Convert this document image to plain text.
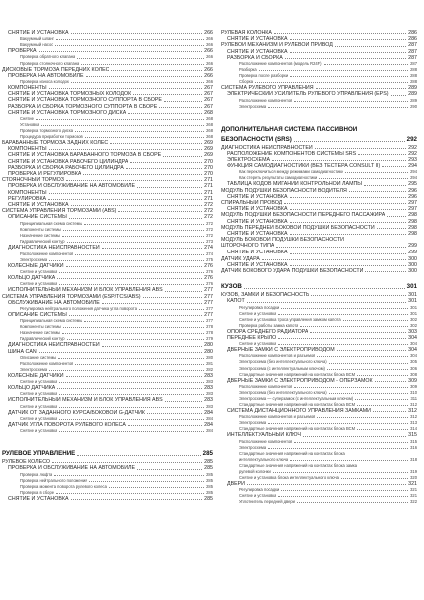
СНЯТИЕ И УСТАНОВКА	266
Вакуумный шланг	266
Вакуумный насос	266
ПРОВЕРКА	266
Проверка обратного клапана	266
Проверка стояночного клапана	266
ДИСКОВЫЕ ТОРМОЗА ПЕРЕДНИХ КОЛЕС	266
ПРОВЕРКА НА АВТОМОБИЛЕ	266
Проверка износа колодок	266
КОМПОНЕНТЫ	267
СНЯТИЕ И УСТАНОВКА ТОРМОЗНЫХ КОЛОДОК	267
СНЯТИЕ И УСТАНОВКА ТОРМОЗНОГО СУППОРТА В СБОРЕ	267
РАЗБОРКА И СБОРКА ТОРМОЗНОГО СУППОРТА В СБОРЕ	267
СНЯТИЕ И УСТАНОВКА ТОРМОЗНОГО ДИСКА	268
Снятие	268
Установка	268
Проверка тормозного диска	268
Процедура приработки тормозов	268
БАРАБАННЫЕ ТОРМОЗА ЗАДНИХ КОЛЕС	269
КОМПОНЕНТЫ	269
СНЯТИЕ И УСТАНОВКА БАРАБАННОГО ТОРМОЗА В СБОРЕ	269
СНЯТИЕ И УСТАНОВКА РАБОЧЕГО ЦИЛИНДРА	270
РАЗБОРКА И СБОРКА РАБОЧЕГО ЦИЛИНДРА	270
ПРОВЕРКА И РЕГУЛИРОВКА	270
СТОЯНОЧНЫЙ ТОРМОЗ	271
ПРОВЕРКА И ОБСЛУЖИВАНИЕ НА АВТОМОБИЛЕ	271
КОМПОНЕНТЫ	271
РЕГУЛИРОВКА	271
СНЯТИЕ И УСТАНОВКА	272
СИСТЕМА УПРАВЛЕНИЯ ТОРМОЗАМИ (ABS)	272
ОПИСАНИЕ СИСТЕМЫ	272
Принципиальная схема системы	272
Компоненты системы	272
Назначение системы	272
Гидравлический контур	273
ДИАГНОСТИКА НЕИСПРАВНОСТЕЙ	274
Расположение компонентов	274
Электросхема	275
КОЛЕСНЫЕ ДАТЧИКИ	276
Снятие и установка	276
КОЛЬЦО ДАТЧИКА	276
Снятие и установка	276
ИСПОЛНИТЕЛЬНЫЙ МЕХАНИЗМ И БЛОК УПРАВЛЕНИЯ ABS	277
СИСТЕМА УПРАВЛЕНИЯ ТОРМОЗАМИ (ESP/TCS/ABS)	277
ОБСЛУЖИВАНИЕ НА АВТОМОБИЛЕ	277
Регулировка нейтрального положения датчика угла поворота	277
ОПИСАНИЕ СИСТЕМЫ	277
Принципиальная схема системы	277
Компоненты системы	278
Назначение системы	278
Гидравлический контур	279
ДИАГНОСТИКА НЕИСПРАВНОСТЕЙ	280
ШИНА CAN	280
Описание системы	280
Расположение компонентов	281
Электросхема	282
КОЛЕСНЫЕ ДАТЧИКИ	283
Снятие и установка	283
КОЛЬЦО ДАТЧИКА	283
Снятие и установка	283
ИСПОЛНИТЕЛЬНЫЙ МЕХАНИЗМ И БЛОК УПРАВЛЕНИЯ ABS	283
Снятие и установка	283
ДАТЧИК ОТ ЗАДАННОГО КУРСА/БОКОВОЙ G-ДАТЧИК	284
Снятие и установка	284
ДАТЧИК УГЛА ПОВОРОТА РУЛЕВОГО КОЛЕСА	284
Снятие и установка	284
РУЛЕВОЕ УПРАВЛЕНИЕ	285
РУЛЕВОЕ КОЛЕСО	285
ПРОВЕРКА И ОБСЛУЖИВАНИЕ НА АВТОМОБИЛЕ	285
Проверка люфта	285
Проверка нейтрального положения	285
Проверка момента поворота рулевого колеса	285
Проверка в сборе	285
СНЯТИЕ И УСТАНОВКА	285
РУЛЕВАЯ КОЛОНКА	286
СНЯТИЕ И УСТАНОВКА	286
РУЛЕВОЙ МЕХАНИЗМ И РУЛЕВОЙ ПРИВОД	287
СНЯТИЕ И УСТАНОВКА	287
РАЗБОРКА И СБОРКА	287
Расположение компонентов (модель R24F)	287
Разборка	288
Проверка после разборки	288
Сборка	288
СИСТЕМА РУЛЕВОГО УПРАВЛЕНИЯ	289
ЭЛЕКТРИЧЕСКИЙ УСИЛИТЕЛЬ РУЛЕВОГО УПРАВЛЕНИЯ (EPS)	289
Расположение компонентов	289
Электросхема	290
ДОПОЛНИТЕЛЬНАЯ СИСТЕМА ПАССИВНОЙ
БЕЗОПАСНОСТИ (SRS)	292
ДИАГНОСТИКА НЕИСПРАВНОСТЕЙ	292
РАСПОЛОЖЕНИЕ КОМПОНЕНТОВ СИСТЕМЫ SRS	292
ЭЛЕКТРОСХЕМА	293
ФУНКЦИЯ САМОДИАГНОСТИКИ (ВЕЗ ТЕСТЕРА CONSULT II)	294
Как переключиться между режимами самодиагностики	294
Как стереть результаты самодиагностики	294
ТАБЛИЦА КОДОВ МИГАНИЙ КОНТРОЛЬНОЙ ЛАМПЫ	295
МОДУЛЬ ПОДУШКИ БЕЗОПАСНОСТИ ВОДИТЕЛЯ	296
СНЯТИЕ И УСТАНОВКА	296
СПИРАЛЬНЫЙ ПРОВОД	297
СНЯТИЕ И УСТАНОВКА	297
МОДУЛЬ ПОДУШКИ БЕЗОПАСНОСТИ ПЕРЕДНЕГО ПАССАЖИРА	298
СНЯТИЕ И УСТАНОВКА	298
МОДУЛЬ ПЕРЕДНЕЙ БОКОВОЙ ПОДУШКИ БЕЗОПАСНОСТИ	298
СНЯТИЕ И УСТАНОВКА	298
МОДУЛЬ БОКОВОЙ ПОДУШКИ БЕЗОПАСНОСТИ
ШТОРОЧНОГО ТИПА	299
СНЯТИЕ И УСТАНОВКА	299
ДАТЧИК УДАРА	300
СНЯТИЕ И УСТАНОВКА	300
ДАТЧИК БОКОВОГО УДАРА ПОДУШКИ БЕЗОПАСНОСТИ	300
КУЗОВ	301
КУЗОВ, ЗАМКИ И БЕЗОПАСНОСТЬ	301
КАПОТ	301
Регулировка посадки	301
Снятие и установка	301
Снятие и установка троса управления замком капота	302
Проверка работы замка капота	302
ОПОРА СРЕДНЕГО РАДИАТОРА	303
ПЕРЕДНЕЕ КРЫЛО	304
Снятие и установка	304
ДВЕРНЫЕ ЗАМКИ С ЭЛЕКТРОПРИВОДОМ	304
Расположение компонентов и разъемов	304
Электросхема (без интеллектуального ключа)	305
Электросхема (с интеллектуальным ключом)	306
Стандартные значения напряжений на контактах блока BCM	308
ДВЕРНЫЕ ЗАМКИ С ЭЛЕКТРОПРИВОДОМ - ОПЕРЗАМОК	309
Расположение компонентов	309
Электросхема (без интеллектуального ключа)	310
Электросхема — суперзамок (с интеллектуальным ключом)	311
Стандартные значения напряжений на контактах блока BCM	312
СИСТЕМА ДИСТАНЦИОННОГО УПРАВЛЕНИЯ ЗАМКАМИ	312
Расположение компонентов и разъемов	312
Электросхема	313
Стандартные значения напряжений на контактах блока BCM	314
ИНТЕЛЛЕКТУАЛЬНЫЙ КЛЮЧ	315
Расположение компонентов	315
Электросхема	316
Стандартные значения напряжений на контактах блока
интеллектуального ключа	318
Стандартные значения напряжений на контактах блока замка
рулевой колонки	319
Снятие и установка блока интеллектуального ключа	320
ДВЕРИ	321
Регулировка посадки	321
Снятие и установка	321
Уплотнитель передней двери	322
